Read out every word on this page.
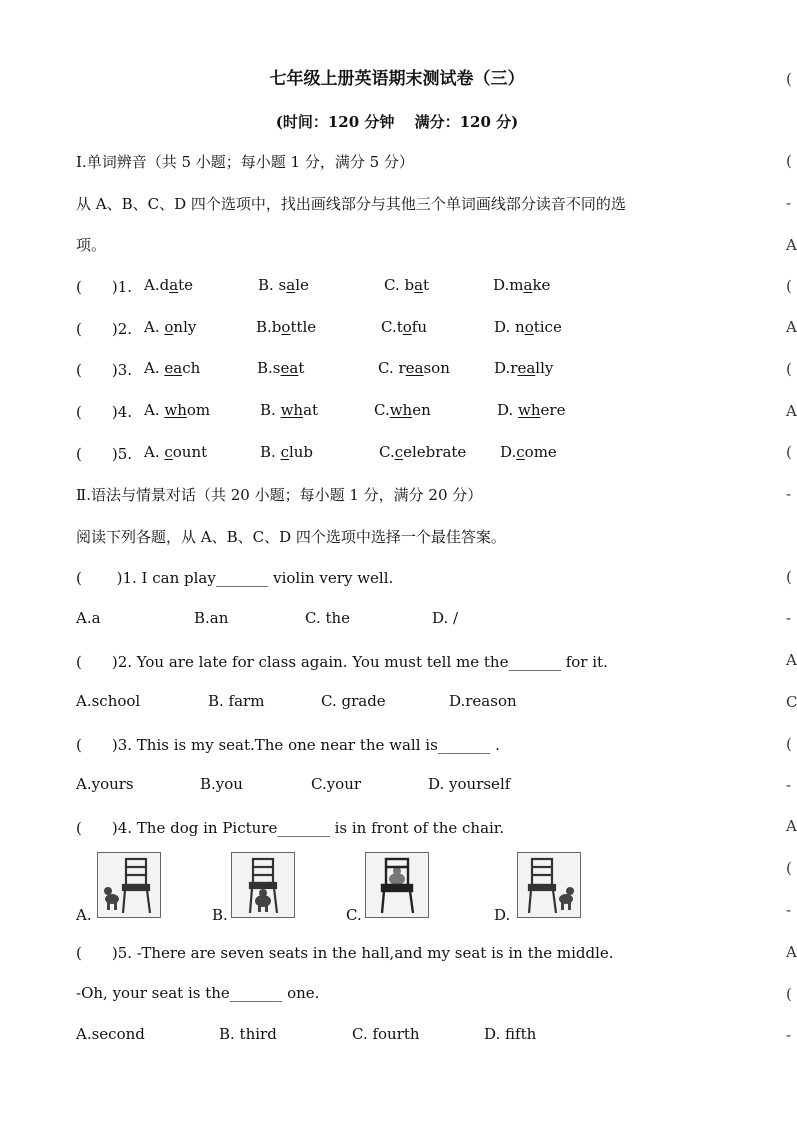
七年级上册英语期末测试卷（三）
(时间：120 分钟　 满分：120 分)
Ⅰ.单词辨音（共 5 小题；每小题 1 分，满分 5 分）
从 A、B、C、D 四个选项中，找出画线部分与其他三个单词画线部分读音不同的选
项。
(　　)1. A.date	B. sale	C. bat	D.make
(　　)2. A. only	B.bottle	C.tofu	D. notice
(　　)3. A. each	B.seat	C. reason	D.really
(　　)4. A. whom	B. what	C.when	D. where
(　　)5. A. count	B. club	C.celebrate D.come
Ⅱ.语法与情景对话（共 20 小题；每小题 1 分，满分 20 分）
阅读下列各题，从 A、B、C、D 四个选项中选择一个最佳答案。
(　　 )1. I can play_______ violin very well.
A.a	B.an	C. the	D. /
(　　)2. You are late for class again. You must tell me the_______ for it.
A.school	B. farm	C. grade	D.reason
(　　)3. This is my seat.The one near the wall is_______ .
A.yours	B.you	C.your	D. yourself
(　　)4. The dog in Picture_______ is in front of the chair.
A.	B.	C.	D.
(　　)5. -There are seven seats in the hall,and my seat is in the middle.
-Oh, your seat is the_______ one.
A.second	B. third	C. fourth	D. fifth
(
(
-
A
(
A
(
A
(
-
(
-
A
C
(
-
A
(
-
A
(
-
